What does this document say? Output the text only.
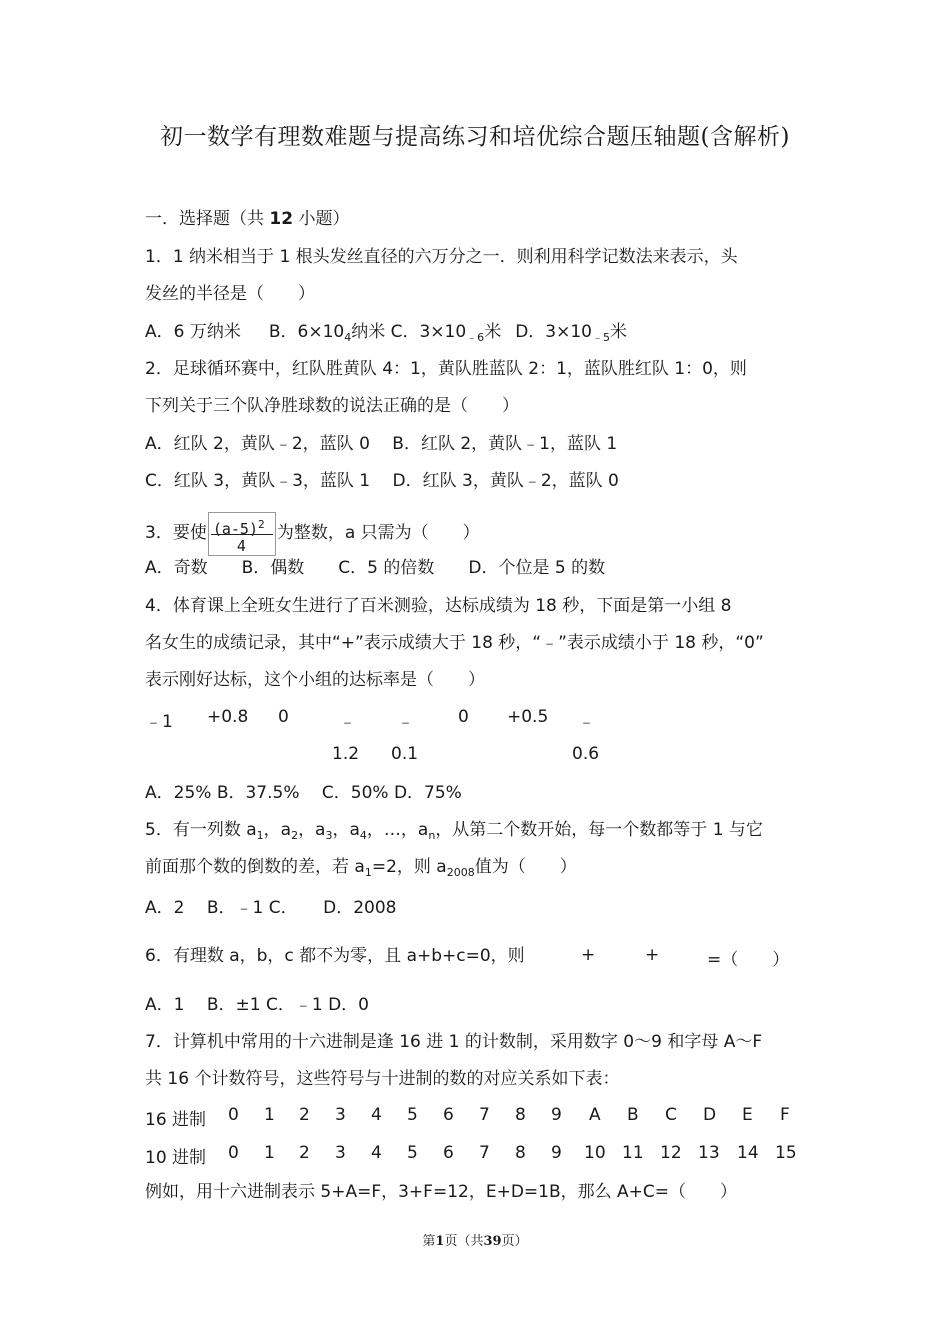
初一数学有理数难题与提高练习和培优综合题压轴题(含解析)
一．选择题（共 12 小题）
1．1 纳米相当于 1 根头发丝直径的六万分之一．则利用科学记数法来表示，头
发丝的半径是（　　）
A．6 万纳米 B．$6\times 10_4$纳米 C．$3\times 10_{﹣6}$米 D．$3\times 10_{﹣5}$米
2．足球循环赛中，红队胜黄队 4：1，黄队胜蓝队 2：1，蓝队胜红队 1：0，则
下列关于三个队净胜球数的说法正确的是（　　）
A．红队 2，黄队﹣2，蓝队 0　 B．红队 2，黄队﹣1，蓝队 1
C．红队 3，黄队﹣3，蓝队 1　 D．红队 3，黄队﹣2，蓝队 0
3．要使 $\frac{(a-5)^2}{4}$ 为整数，a 只需为（　　）
A．奇数　　B．偶数　　C．5 的倍数　　D．个位是 5 的数
4．体育课上全班女生进行了百米测验，达标成绩为 18 秒，下面是第一小组 8
名女生的成绩记录，其中“+”表示成绩大于 18 秒，“﹣”表示成绩小于 18 秒，“0”
表示刚好达标，这个小组的达标率是（　　）
﹣1 +0.8 0	﹣ ﹣	0 +0.5 ﹣
1.2 0.1	0.6
A．25% B．37.5%　 C．50% D．75%
5．有一列数 $a_1$，$a_2$，$a_3$，$a_4$，…，$a_n$，从第二个数开始，每一个数都等于 1 与它
前面那个数的倒数的差，若 $a_1=2$，则 $a_{2008}$值为（　　）
A．2　 B．﹣1 C．　　D．2008
6．有理数 a，b，c 都不为零，且 a+b+c=0，则	+	+	=（　　）
A．1　 B．±1 C．﹣1 D．0
7．计算机中常用的十六进制是逢 16 进 1 的计数制，采用数字 0～9 和字母 A～F
共 16 个计数符号，这些符号与十进制的数的对应关系如下表：
16 进制 0 1 2 3 4 5 6 7 8 9 A B C D E F
10 进制 0 1 2 3 4 5 6 7 8 9 10 11 12 13 14 15
例如，用十六进制表示 5+A=F，3+F=12，E+D=1B，那么 A+C=（　　）
第1页（共39页）
